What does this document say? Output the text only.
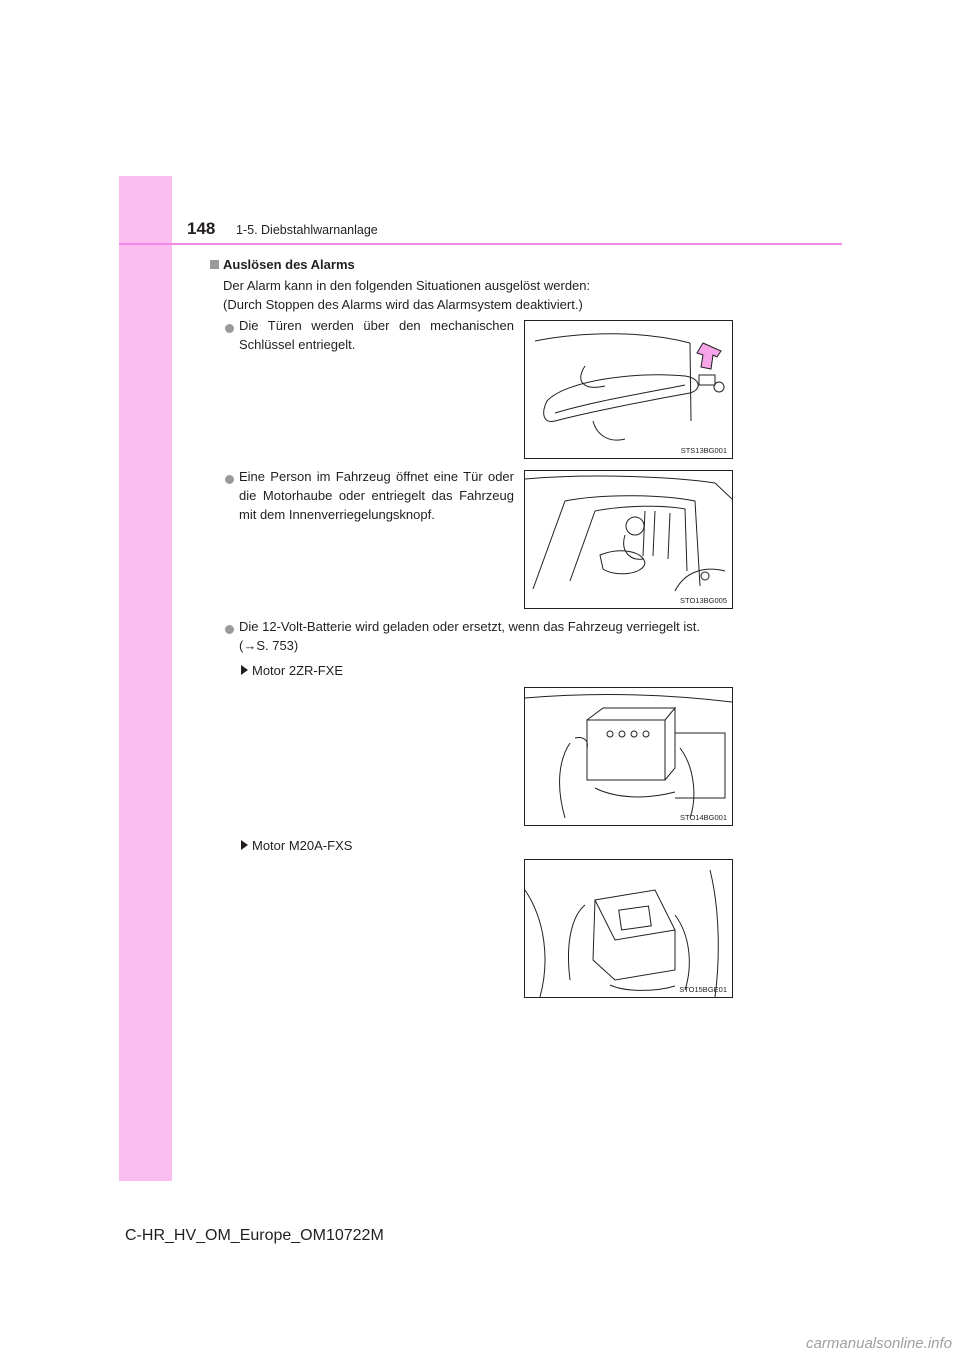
148 1-5. Diebstahlwarnanlage
Auslösen des Alarms
Der Alarm kann in den folgenden Situationen ausgelöst werden:
(Durch Stoppen des Alarms wird das Alarmsystem deaktiviert.)
Die Türen werden über den mechanischen Schlüssel entriegelt.
STS13BG001
Eine Person im Fahrzeug öffnet eine Tür oder die Motorhaube oder entriegelt das Fahrzeug mit dem Innenverriegelungsknopf.
STO13BG005
Die 12-Volt-Batterie wird geladen oder ersetzt, wenn das Fahrzeug verriegelt ist.
(→S. 753)
Motor 2ZR-FXE
STO14BG001
Motor M20A-FXS
STO15BGE01
C-HR_HV_OM_Europe_OM10722M
carmanualsonline.info
